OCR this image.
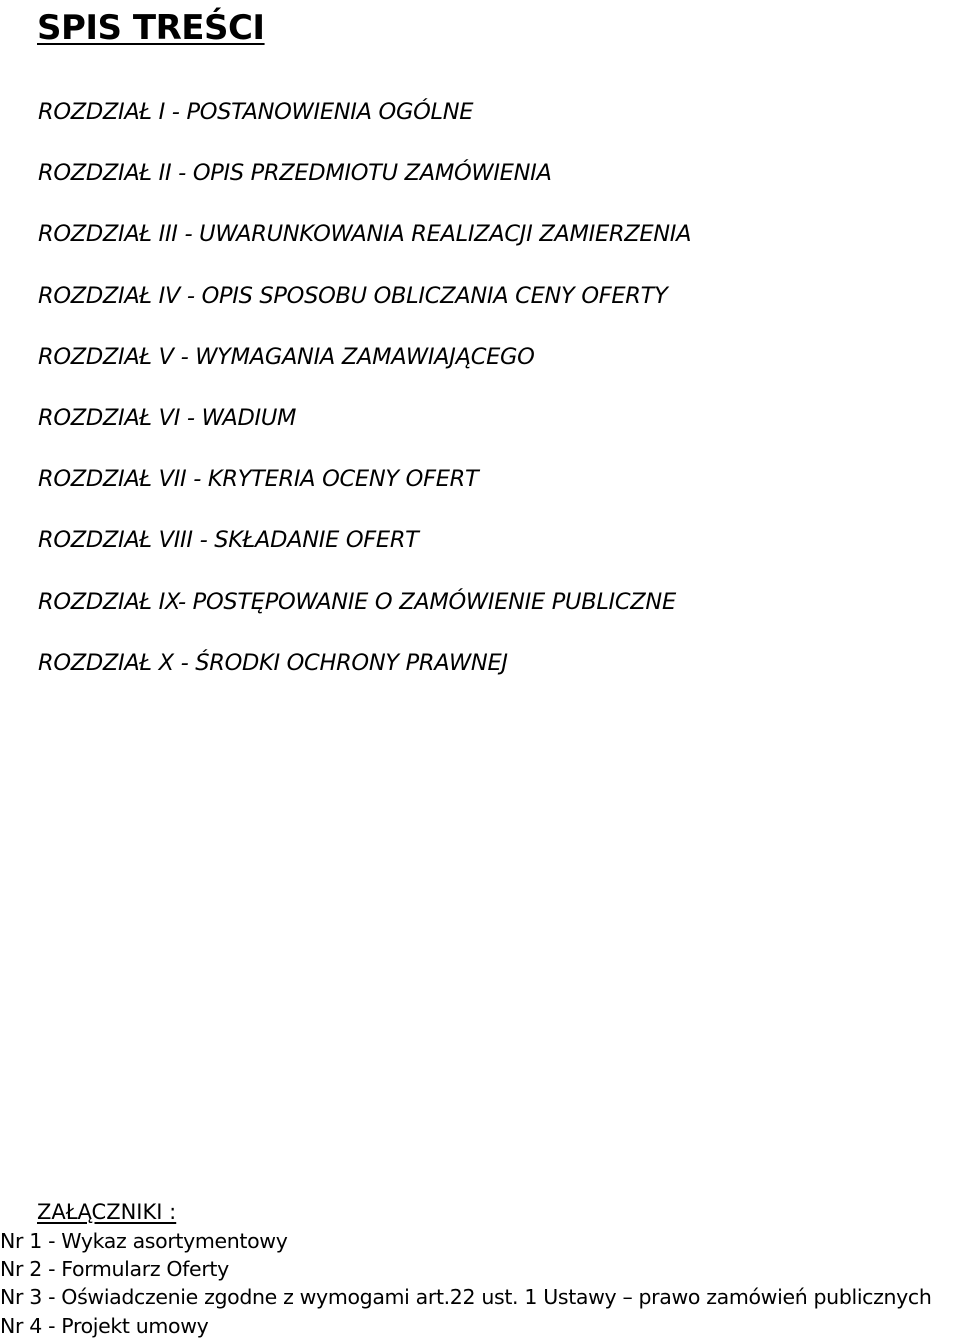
SPIS TREŚCI
ROZDZIAŁ I - POSTANOWIENIA OGÓLNE
ROZDZIAŁ II - OPIS PRZEDMIOTU ZAMÓWIENIA
ROZDZIAŁ III - UWARUNKOWANIA REALIZACJI ZAMIERZENIA
ROZDZIAŁ IV - OPIS SPOSOBU OBLICZANIA CENY OFERTY
ROZDZIAŁ V - WYMAGANIA ZAMAWIAJĄCEGO
ROZDZIAŁ VI - WADIUM
ROZDZIAŁ VII - KRYTERIA OCENY OFERT
ROZDZIAŁ VIII - SKŁADANIE OFERT
ROZDZIAŁ IX- POSTĘPOWANIE O ZAMÓWIENIE PUBLICZNE
ROZDZIAŁ X - ŚRODKI OCHRONY PRAWNEJ
ZAŁĄCZNIKI :
Nr 1 - Wykaz asortymentowy
Nr 2 - Formularz Oferty
Nr 3 - Oświadczenie zgodne z wymogami art.22 ust. 1 Ustawy – prawo zamówień publicznych
Nr 4 - Projekt umowy
